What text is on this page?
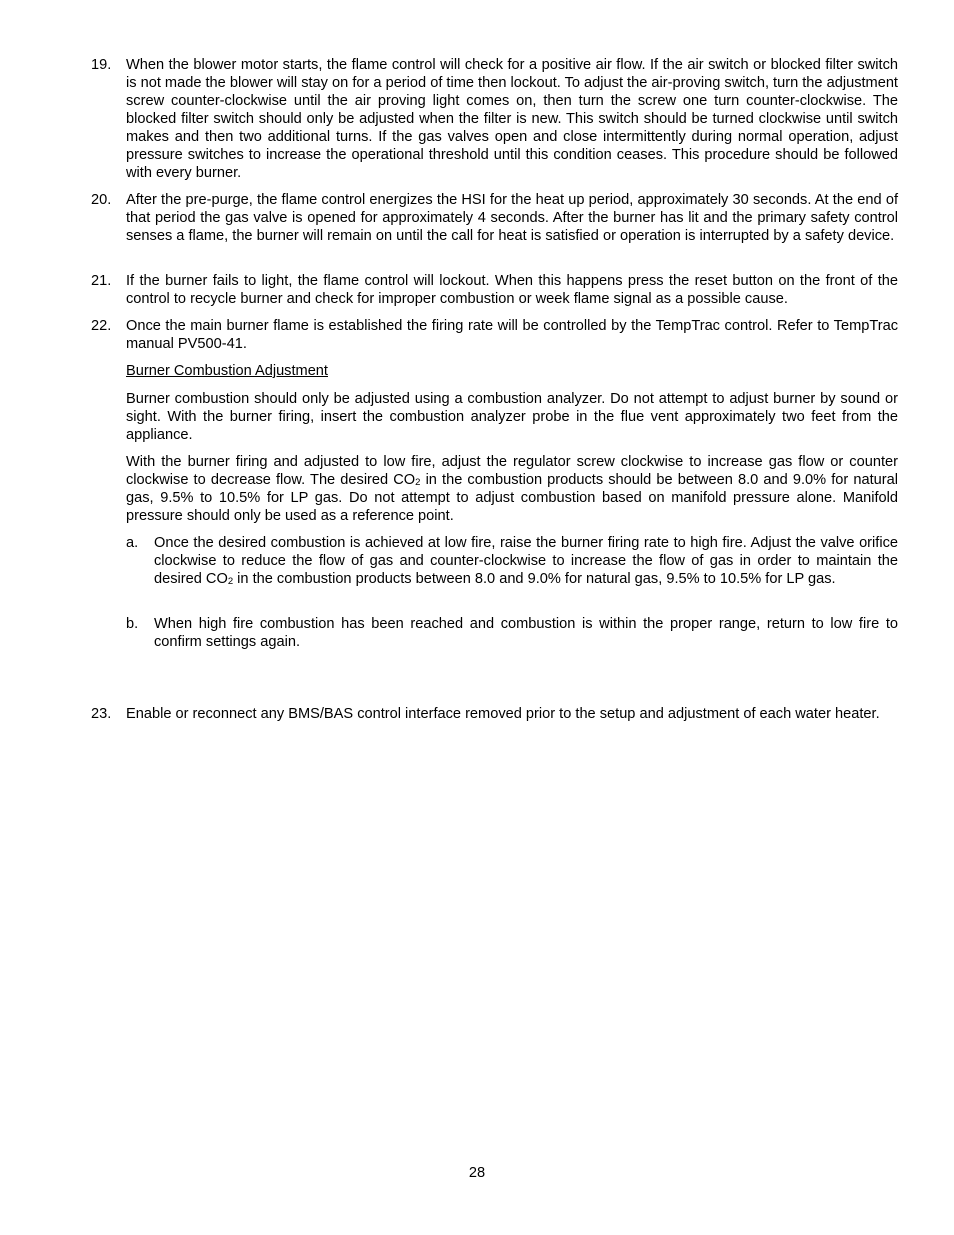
19.	When the blower motor starts, the flame control will check for a positive air flow. If the air switch or blocked filter switch is not made the blower will stay on for a period of time then lockout. To adjust the air-proving switch, turn the adjustment screw counter-clockwise until the air proving light comes on, then turn the screw one turn counter-clockwise. The blocked filter switch should only be adjusted when the filter is new. This switch should be turned clockwise until switch makes and then two additional turns. If the gas valves open and close intermittently during normal operation, adjust pressure switches to increase the operational threshold until this condition ceases. This procedure should be followed with every burner.
20.	After the pre-purge, the flame control energizes the HSI for the heat up period, approximately 30 seconds. At the end of that period the gas valve is opened for approximately 4 seconds. After the burner has lit and the primary safety control senses a flame, the burner will remain on until the call for heat is satisfied or operation is interrupted by a safety device.
21.	If the burner fails to light, the flame control will lockout. When this happens press the reset button on the front of the control to recycle burner and check for improper combustion or week flame signal as a possible cause.
22.	Once the main burner flame is established the firing rate will be controlled by the TempTrac control. Refer to TempTrac manual PV500-41.
Burner Combustion Adjustment
Burner combustion should only be adjusted using a combustion analyzer. Do not attempt to adjust burner by sound or sight. With the burner firing, insert the combustion analyzer probe in the flue vent approximately two feet from the appliance.
With the burner firing and adjusted to low fire, adjust the regulator screw clockwise to increase gas flow or counter clockwise to decrease flow. The desired $CO_2$ in the combustion products should be between 8.0 and 9.0% for natural gas, 9.5% to 10.5% for LP gas. Do not attempt to adjust combustion based on manifold pressure alone. Manifold pressure should only be used as a reference point.
a.	Once the desired combustion is achieved at low fire, raise the burner firing rate to high fire. Adjust the valve orifice clockwise to reduce the flow of gas and counter-clockwise to increase the flow of gas in order to maintain the desired $CO_2$ in the combustion products between 8.0 and 9.0% for natural gas, 9.5% to 10.5% for LP gas.
b.	When high fire combustion has been reached and combustion is within the proper range, return to low fire to confirm settings again.
23.	Enable or reconnect any BMS/BAS control interface removed prior to the setup and adjustment of each water heater.
28
